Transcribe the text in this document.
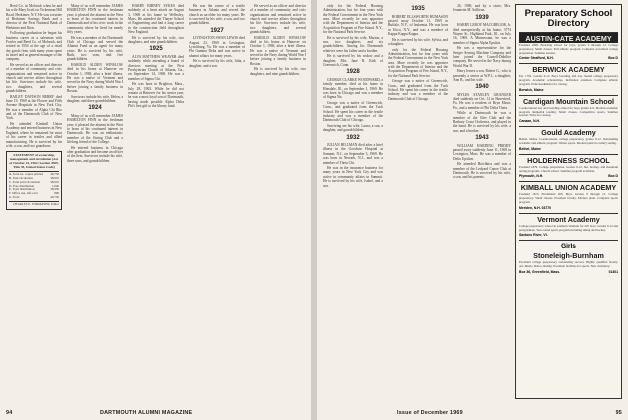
Reed Co. in Mohawk when he and his wife Mary lived on Vickerman Hill Road, Herkimer, N.Y. He was a trustee of Herkimer Savings Bank and a director of the First National Bank of Herkimer and Ilion.

Following graduation he began his business career as a salesman with Fowler and Reed Co. of Mohawk, and retired in 1954 at the age of a retail dry goods firm, with many years spent in travel and as general manager of the company.

He served as an officer and director of a number of community and civic organizations and remained active in church and service affairs throughout his life. Survivors include his wife, two daughters, and several grandchildren.

BAILEY DAVISON BERRY died June 19, 1969 at the Flower and Fifth Avenue Hospitals in New York City. He was a member of Alpha Chi Rho and of the Dartmouth Club of New York.

He attended Kimball Union Academy and entered business in New England, where he remained for most of his career in textiles and allied manufacturing. He is survived by his wife, a son, and two grandsons.

STATEMENT of ownership, management and circulation (Act of October 23, 1962; Section 4369, Title 39, United States Code)
A. Total no. copies printed 40,750
B. Paid circulation	38,910
C. Total paid circulation	38,910
D. Free distribution	1,040
E. Total distribution	39,950
F. Office use, left-over	800
G. Total	40,750
CHARLES E. WIDMAYER, Editor

Many of us will remember JAMES HAMILTON FINN in the freshman year; it pleased the alumni in the West to learn of his continued interest in Dartmouth and of his civic work in the community where he lived for nearly fifty years.

He was a member of the Dartmouth Club of Chicago and served the Alumni Fund as an agent for many years. He is survived by his wife, Ruth, two sons, and five grandchildren.

HAROLD ALDEN WINSLOW died in his home at Hanover on October 1, 1969, after a brief illness. He was a native of Vermont and served in the Navy during World War I before joining a family business in Boston.

Survivors include his wife, Helen, a daughter, and three grandchildren.

1924

Many of us will remember JAMES HAMILTON FINN in the freshman year; it pleased the alumni in the West to learn of his continued interest in Dartmouth. He was an enthusiastic member of the Outing Club and a lifelong friend of the College.

He entered business in Chicago after graduation and became an officer of the firm. Survivors include his wife, three sons, and grandchildren.

HARRY BIRNEY SYKES died suddenly of a heart attack on August 3, 1969 at his home in Wellesley, Mass. He attended the Thayer School of Engineering and had a long career in the construction field throughout New England.

He is survived by his wife, two daughters, and nine grandchildren.

1925

ALVA MATTHEW WEAVER died suddenly while attending a board of directors meeting at the First Presbyterian Church of Atlanta, Ga., on September 14, 1969. He was a member of Sigma Chi.

He was born in Brighton, Mass., July 28, 1903. While he did not remain at Hanover for his senior year, he was a most loyal son of Dartmouth, having made possible Alpha Delta Phi's first gift to the library fund.

He was the owner of a textile business in Atlanta and served the church as an elder for many years. He is survived by his wife, a son, and two grandchildren.

1927

LIVINGSTON SWAN LEWIS died August 23, 1969 in Lexington, Lynchburg, Va. He was a member of Phi Gamma Delta and was active in alumni affairs for many years.

He is survived by his wife, Julia, a daughter, and a son.

He served as an officer and director of a number of community and civic organizations and remained active in church and service affairs throughout his life. Survivors include his wife, two daughters, and several grandchildren.

HAROLD ALDEN WINSLOW died in his home at Hanover on October 1, 1969, after a brief illness. He was a native of Vermont and served in the Navy during World War I before joining a family business in Boston.

He is survived by his wife, two daughters, and nine grandchildren.

94	DARTMOUTH ALUMNI MAGAZINE

only for the Federal Housing Administration, but for four years with the Federal Government in the New York area. More recently he was appraiser with the Department of Interior and the Acquisition Program of Fire Island, N.Y., for the National Park Service.

He is survived by his wife, Marion, a son, two daughters, and six grandchildren. Among his Dartmouth relatives were his father and a brother.

He is survived by his widow and a daughter, Mrs. Jane R. Kirk of Greenwich, Conn.

1928

GEORGE CLARKE WOODWARD, a family member, died at his home in Hinsdale, Ill., on September 1, 1969. He was born in Chicago and was a member of Sigma Nu.

George was a native of Greenwich, Conn., and graduated from the Tuck School. He spent his career in the textile industry and was a member of the Dartmouth Club of Chicago.

Surviving are his wife, Laura; a son, a daughter, and grandchildren.

1932

JULIAN HILLMAN died after a brief illness in the Goodwin Hospital at Summit, N.J., on September 3, 1969. He was born in Newark, N.J., and was a member of Theta Chi.

He was in the insurance business for many years in New York City and was active in community affairs in Summit. He is survived by his wife, Isabel, and a son.

1935

ROBERT ELLSWORTH HUMASON passed away October 11, 1969 in Buffalo, N.Y., of leukemia. He was born in Utica, N.Y., and was a member of Kappa Kappa Kappa.

He is survived by his wife, Sylvia, and a daughter.

only for the Federal Housing Administration, but for four years with the Federal Government in the New York area. More recently he was appraiser with the Department of Interior and the Acquisition Program of Fire Island, N.Y., for the National Park Service.

George was a native of Greenwich, Conn., and graduated from the Tuck School. He spent his career in the textile industry and was a member of the Dartmouth Club of Chicago.

26, 1969, and by a sister, Mrs. Jeannette M. Sullivan.

1939

HARRY LEROY MACGREGOR, Jr. died unexpectedly at his home, 3774 Wayne St., Highland Park, Ill., on July 16, 1969. A Minnesotan, he was a member of Sigma Alpha Epsilon.

He was a representative for the Seeger Sewing Machine Company and later joined the Cornell-Dubilier company. He served in the Navy during World War II.

Harry leaves a son, Robert G., who is presently a senior at W.P.I., a daughter, Ann B., and his wife.

1940

MYLES STANLEY GRANGER died suddenly on Oct. 12 in Haverford, Pa. He was a resident of Bryn Mawr, Pa., and a member of Phi Delta Theta.

While at Dartmouth he was a member of the Glee Club and the Barbary Coast Orchestra, and played in the band. He is survived by his wife, a son, and a brother.

1943

WILLIAM HARDING PRIDDY passed away suddenly June 11, 1969 in Lexington, Mass. He was a member of Delta Upsilon.

He attended Hotchkiss and was a member of the Ledyard Canoe Club at Dartmouth. He is survived by his wife, a son, and his parents.

Preparatory School Directory
AUSTIN-CATE ACADEMY
Founded 1808. Boarding school for boys, grades 9 through 12. College preparatory. Small classes. Full athletic program. Complete accredited college preparation. Summer session.
Center Strafford, N.H.	Box D
BERWICK ACADEMY
Est. 1791. Grades 9-12. Boys boarding and day. Sound college preparatory program. Academic scholarships. Individual attention. Complete athletic program. Write headmaster for catalog.
Berwick, Maine
Cardigan Mountain School
Coeducational day and boarding school for boys grades 6-9. Modern academic program. Remedial reading. Small classes. Competitive sports. Summer session. Write for catalog.
Canaan, N.H.
Gould Academy
Bethel, Maine. Coeducational, college preparatory, grades 9-12. Outstanding academic and athletic program. Winter sports. Modern plant in country setting.
Bethel, Maine
HOLDERNESS SCHOOL
Founded 1879. College preparation. Grades 9-12. Ski, hockey, and mountain outing programs. Church school. Summer program available.
Plymouth, N.H.	Box D
KIMBALL UNION ACADEMY
Founded 1813. Enrollment 200. Boys. Grades 9 through 12. College preparatory. Small classes. Excellent faculty. Modern plant. Complete sports program.
Meriden, N.H. 03770
Vermont Academy
College preparatory school in southern Vermont for 225 boys. Grades 9-12 and postgraduate. Year-round sports program including skiing and hockey.
Saxtons River, Vt.
Girls
Stoneleigh-Burnham
Excellent college preparatory outstanding success. Highly qualified faculty. Art, Music, Dance, Riding. Excellent facilities for sports. New dormitory.
Box 36, Greenfield, Mass.	01301
Issue of December 1969	95
